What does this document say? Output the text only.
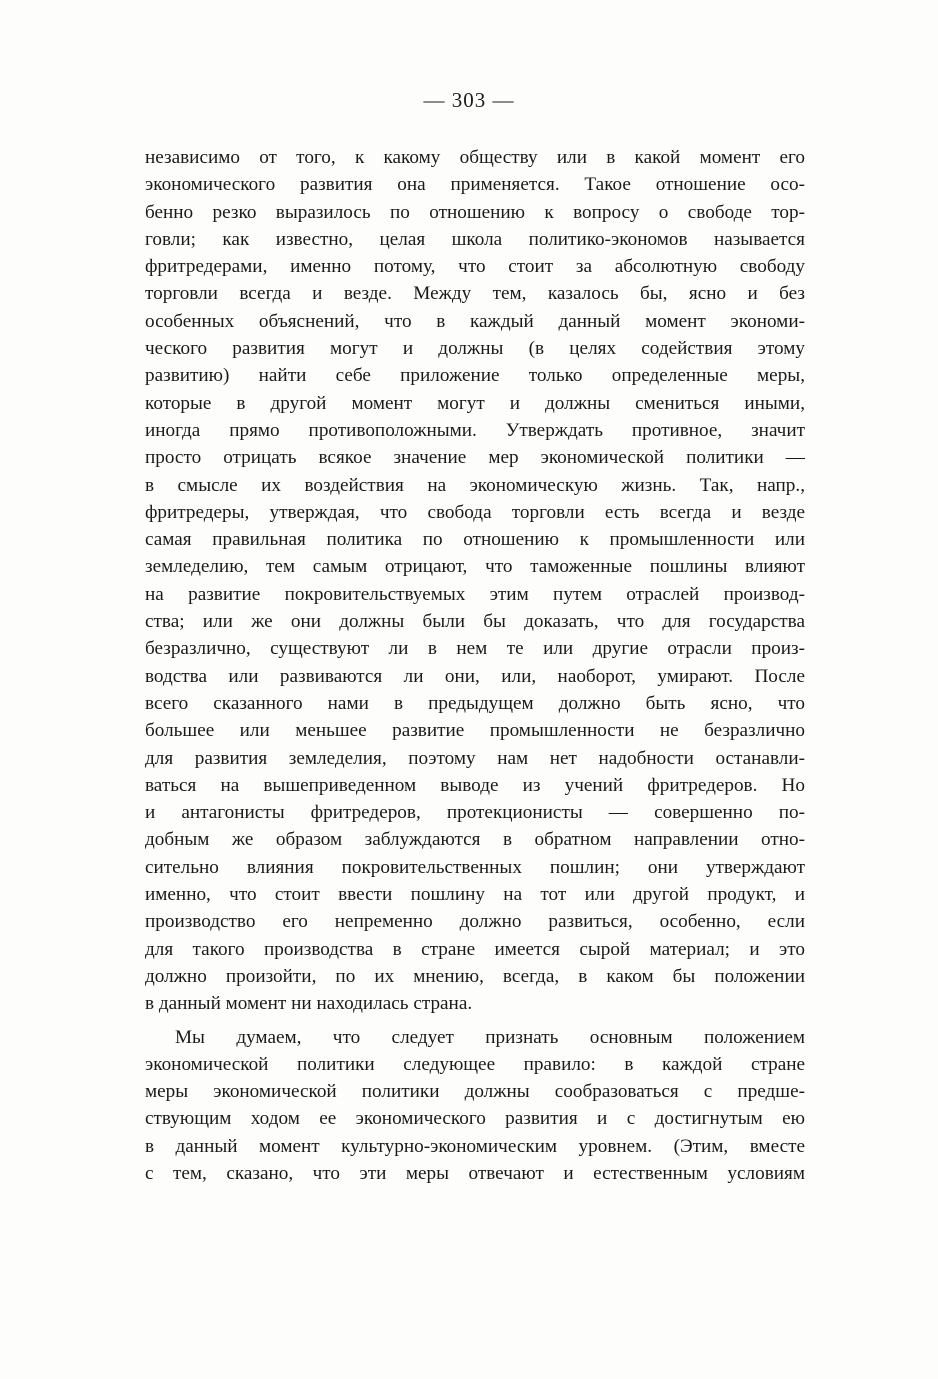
— 303 —
независимо от того, к какому обществу или в какой момент его
экономического развития она применяется. Такое отношение осо-
бенно резко выразилось по отношению к вопросу о свободе тор-
говли; как известно, целая школа политико-экономов называется
фритредерами, именно потому, что стоит за абсолютную свободу
торговли всегда и везде. Между тем, казалось бы, ясно и без
особенных объяснений, что в каждый данный момент экономи-
ческого развития могут и должны (в целях содействия этому
развитию) найти себе приложение только определенные меры,
которые в другой момент могут и должны смениться иными,
иногда прямо противоположными. Утверждать противное, значит
просто отрицать всякое значение мер экономической политики —
в смысле их воздействия на экономическую жизнь. Так, напр.,
фритредеры, утверждая, что свобода торговли есть всегда и везде
самая правильная политика по отношению к промышленности или
земледелию, тем самым отрицают, что таможенные пошлины влияют
на развитие покровительствуемых этим путем отраслей производ-
ства; или же они должны были бы доказать, что для государства
безразлично, существуют ли в нем те или другие отрасли произ-
водства или развиваются ли они, или, наоборот, умирают. После
всего сказанного нами в предыдущем должно быть ясно, что
большее или меньшее развитие промышленности не безразлично
для развития земледелия, поэтому нам нет надобности останавли-
ваться на вышеприведенном выводе из учений фритредеров. Но
и антагонисты фритредеров, протекционисты — совершенно по-
добным же образом заблуждаются в обратном направлении отно-
сительно влияния покровительственных пошлин; они утверждают
именно, что стоит ввести пошлину на тот или другой продукт, и
производство его непременно должно развиться, особенно, если
для такого производства в стране имеется сырой материал; и это
должно произойти, по их мнению, всегда, в каком бы положении
в данный момент ни находилась страна.
Мы думаем, что следует признать основным положением
экономической политики следующее правило: в каждой стране
меры экономической политики должны сообразоваться с предше-
ствующим ходом ее экономического развития и с достигнутым ею
в данный момент культурно-экономическим уровнем. (Этим, вместе
с тем, сказано, что эти меры отвечают и естественным условиям
